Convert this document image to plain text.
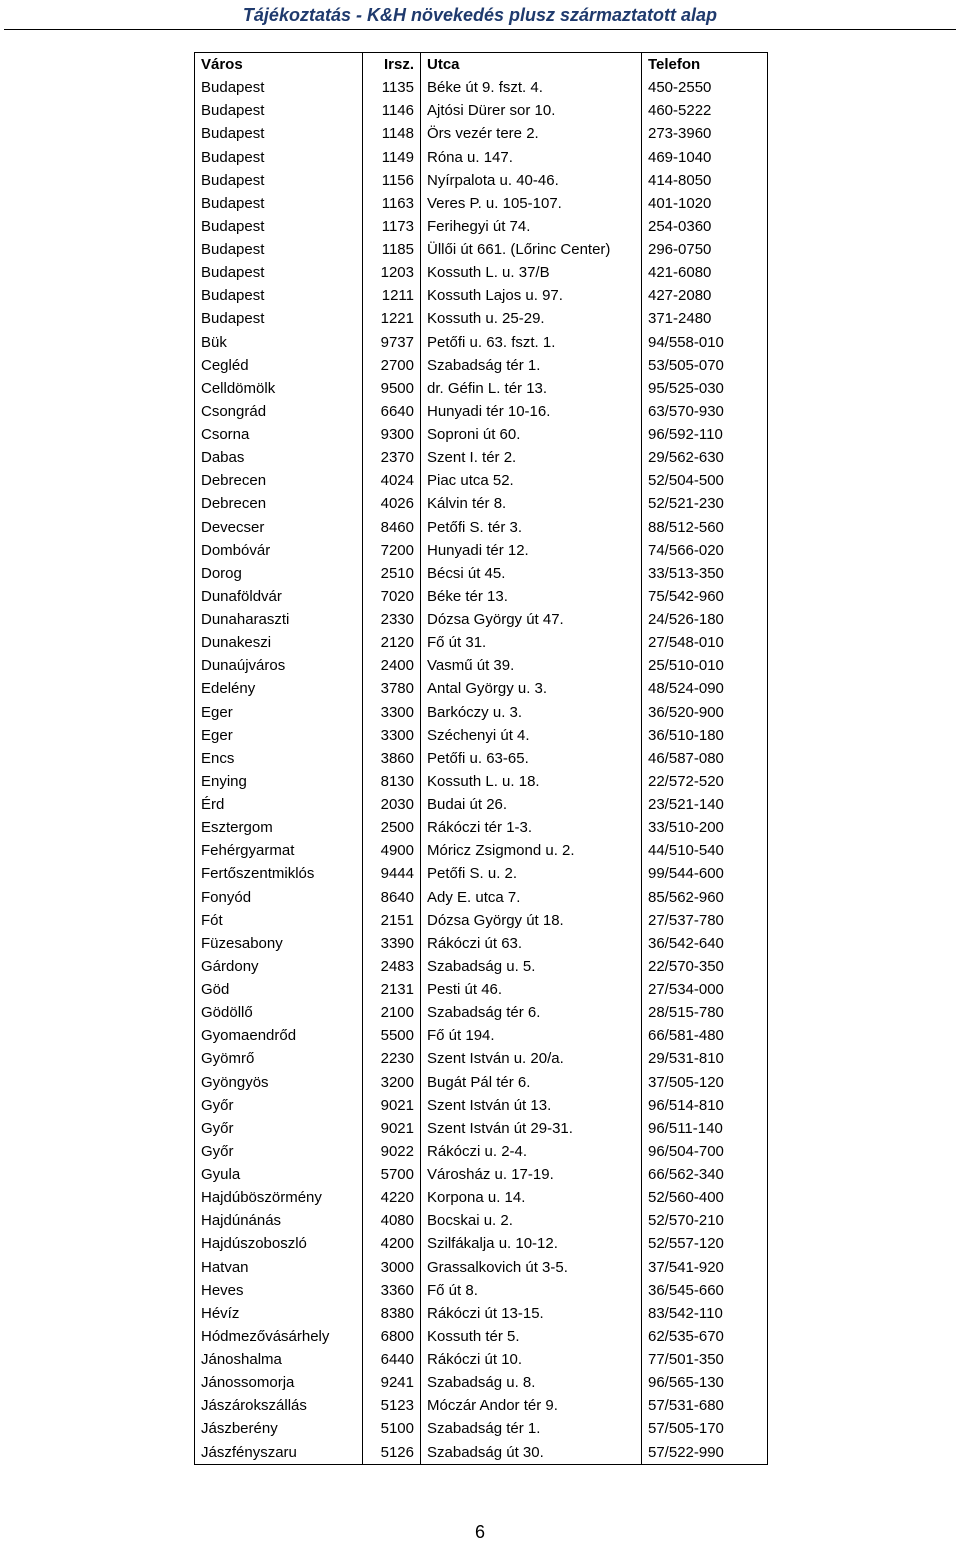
Tájékoztatás - K&H növekedés plusz származtatott alap
Város	Irsz.	Utca	Telefon
Budapest	1135	Béke út 9. fszt. 4.	450-2550
Budapest	1146	Ajtósi Dürer sor 10.	460-5222
Budapest	1148	Örs vezér tere 2.	273-3960
Budapest	1149	Róna u. 147.	469-1040
Budapest	1156	Nyírpalota u. 40-46.	414-8050
Budapest	1163	Veres P. u. 105-107.	401-1020
Budapest	1173	Ferihegyi út 74.	254-0360
Budapest	1185	Üllői út 661. (Lőrinc Center)	296-0750
Budapest	1203	Kossuth L. u. 37/B	421-6080
Budapest	1211	Kossuth Lajos u. 97.	427-2080
Budapest	1221	Kossuth u. 25-29.	371-2480
Bük	9737	Petőfi u. 63. fszt. 1.	94/558-010
Cegléd	2700	Szabadság tér 1.	53/505-070
Celldömölk	9500	dr. Géfin L. tér 13.	95/525-030
Csongrád	6640	Hunyadi tér 10-16.	63/570-930
Csorna	9300	Soproni út 60.	96/592-110
Dabas	2370	Szent I. tér 2.	29/562-630
Debrecen	4024	Piac utca 52.	52/504-500
Debrecen	4026	Kálvin tér 8.	52/521-230
Devecser	8460	Petőfi S. tér 3.	88/512-560
Dombóvár	7200	Hunyadi tér 12.	74/566-020
Dorog	2510	Bécsi út 45.	33/513-350
Dunaföldvár	7020	Béke tér 13.	75/542-960
Dunaharaszti	2330	Dózsa György út 47.	24/526-180
Dunakeszi	2120	Fő út 31.	27/548-010
Dunaújváros	2400	Vasmű út 39.	25/510-010
Edelény	3780	Antal György u. 3.	48/524-090
Eger	3300	Barkóczy u. 3.	36/520-900
Eger	3300	Széchenyi út 4.	36/510-180
Encs	3860	Petőfi u. 63-65.	46/587-080
Enying	8130	Kossuth L. u. 18.	22/572-520
Érd	2030	Budai út 26.	23/521-140
Esztergom	2500	Rákóczi tér 1-3.	33/510-200
Fehérgyarmat	4900	Móricz Zsigmond u. 2.	44/510-540
Fertőszentmiklós	9444	Petőfi S. u. 2.	99/544-600
Fonyód	8640	Ady E. utca 7.	85/562-960
Fót	2151	Dózsa György út 18.	27/537-780
Füzesabony	3390	Rákóczi út 63.	36/542-640
Gárdony	2483	Szabadság u. 5.	22/570-350
Göd	2131	Pesti út 46.	27/534-000
Gödöllő	2100	Szabadság tér 6.	28/515-780
Gyomaendrőd	5500	Fő út 194.	66/581-480
Gyömrő	2230	Szent István u. 20/a.	29/531-810
Gyöngyös	3200	Bugát Pál tér 6.	37/505-120
Győr	9021	Szent István út 13.	96/514-810
Győr	9021	Szent István út 29-31.	96/511-140
Győr	9022	Rákóczi u. 2-4.	96/504-700
Gyula	5700	Városház u. 17-19.	66/562-340
Hajdúböszörmény	4220	Korpona u. 14.	52/560-400
Hajdúnánás	4080	Bocskai u. 2.	52/570-210
Hajdúszoboszló	4200	Szilfákalja u. 10-12.	52/557-120
Hatvan	3000	Grassalkovich út 3-5.	37/541-920
Heves	3360	Fő út 8.	36/545-660
Hévíz	8380	Rákóczi út 13-15.	83/542-110
Hódmezővásárhely	6800	Kossuth tér 5.	62/535-670
Jánoshalma	6440	Rákóczi út 10.	77/501-350
Jánossomorja	9241	Szabadság u. 8.	96/565-130
Jászárokszállás	5123	Móczár Andor tér 9.	57/531-680
Jászberény	5100	Szabadság tér 1.	57/505-170
Jászfényszaru	5126	Szabadság út 30.	57/522-990
6
